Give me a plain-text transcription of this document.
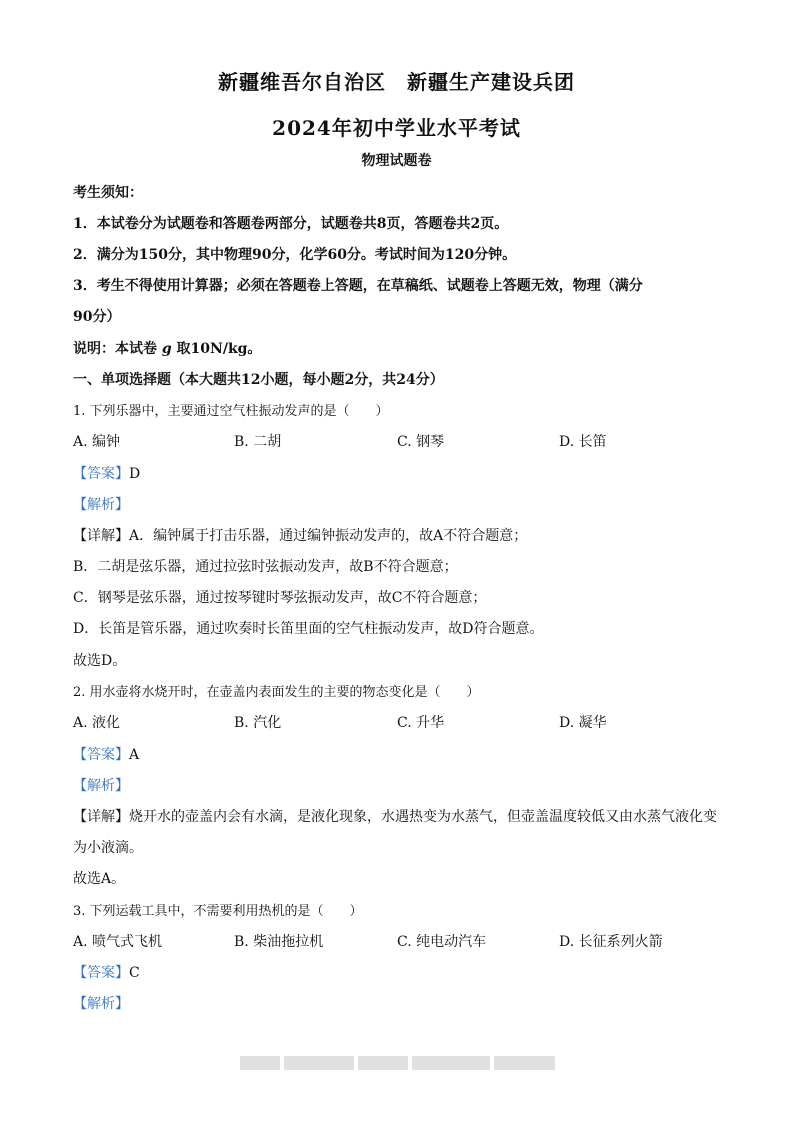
新疆维吾尔自治区　新疆生产建设兵团
2024年初中学业水平考试
物理试题卷
考生须知：
1．本试卷分为试题卷和答题卷两部分，试题卷共8页，答题卷共2页。
2．满分为150分，其中物理90分，化学60分。考试时间为120分钟。
3．考生不得使用计算器；必须在答题卷上答题，在草稿纸、试题卷上答题无效，物理（满分
90分）
说明：本试卷 g 取10N/kg。
一、单项选择题（本大题共12小题，每小题2分，共24分）
1. 下列乐器中，主要通过空气柱振动发声的是（　　）
A. 编钟	B. 二胡	C. 钢琴	D. 长笛
【答案】D
【解析】
【详解】A．编钟属于打击乐器，通过编钟振动发声的，故A不符合题意；
B．二胡是弦乐器，通过拉弦时弦振动发声，故B不符合题意；
C．钢琴是弦乐器，通过按琴键时琴弦振动发声，故C不符合题意；
D．长笛是管乐器，通过吹奏时长笛里面的空气柱振动发声，故D符合题意。
故选D。
2. 用水壶将水烧开时，在壶盖内表面发生的主要的物态变化是（　　）
A. 液化	B. 汽化	C. 升华	D. 凝华
【答案】A
【解析】
【详解】烧开水的壶盖内会有水滴，是液化现象，水遇热变为水蒸气，但壶盖温度较低又由水蒸气液化变
为小液滴。
故选A。
3. 下列运载工具中，不需要利用热机的是（　　）
A. 喷气式飞机	B. 柴油拖拉机	C. 纯电动汽车	D. 长征系列火箭
【答案】C
【解析】
